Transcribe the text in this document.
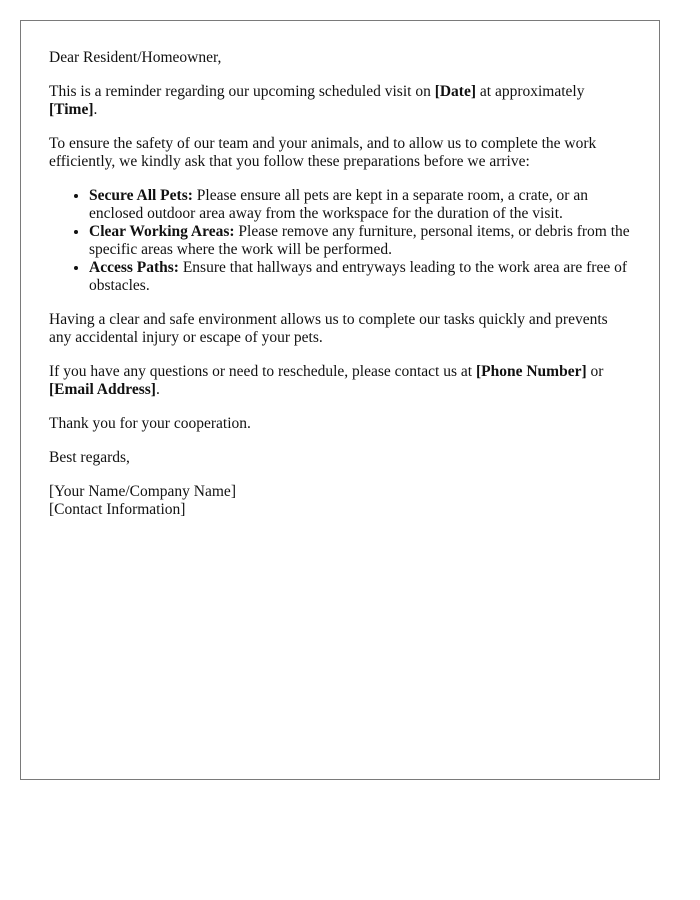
Dear Resident/Homeowner,

This is a reminder regarding our upcoming scheduled visit on [Date] at approximately [Time].

To ensure the safety of our team and your animals, and to allow us to complete the work efficiently, we kindly ask that you follow these preparations before we arrive:

• Secure All Pets: Please ensure all pets are kept in a separate room, a crate, or an enclosed outdoor area away from the workspace for the duration of the visit.
• Clear Working Areas: Please remove any furniture, personal items, or debris from the specific areas where the work will be performed.
• Access Paths: Ensure that hallways and entryways leading to the work area are free of obstacles.

Having a clear and safe environment allows us to complete our tasks quickly and prevents any accidental injury or escape of your pets.

If you have any questions or need to reschedule, please contact us at [Phone Number] or [Email Address].

Thank you for your cooperation.

Best regards,

[Your Name/Company Name]

[Contact Information]
